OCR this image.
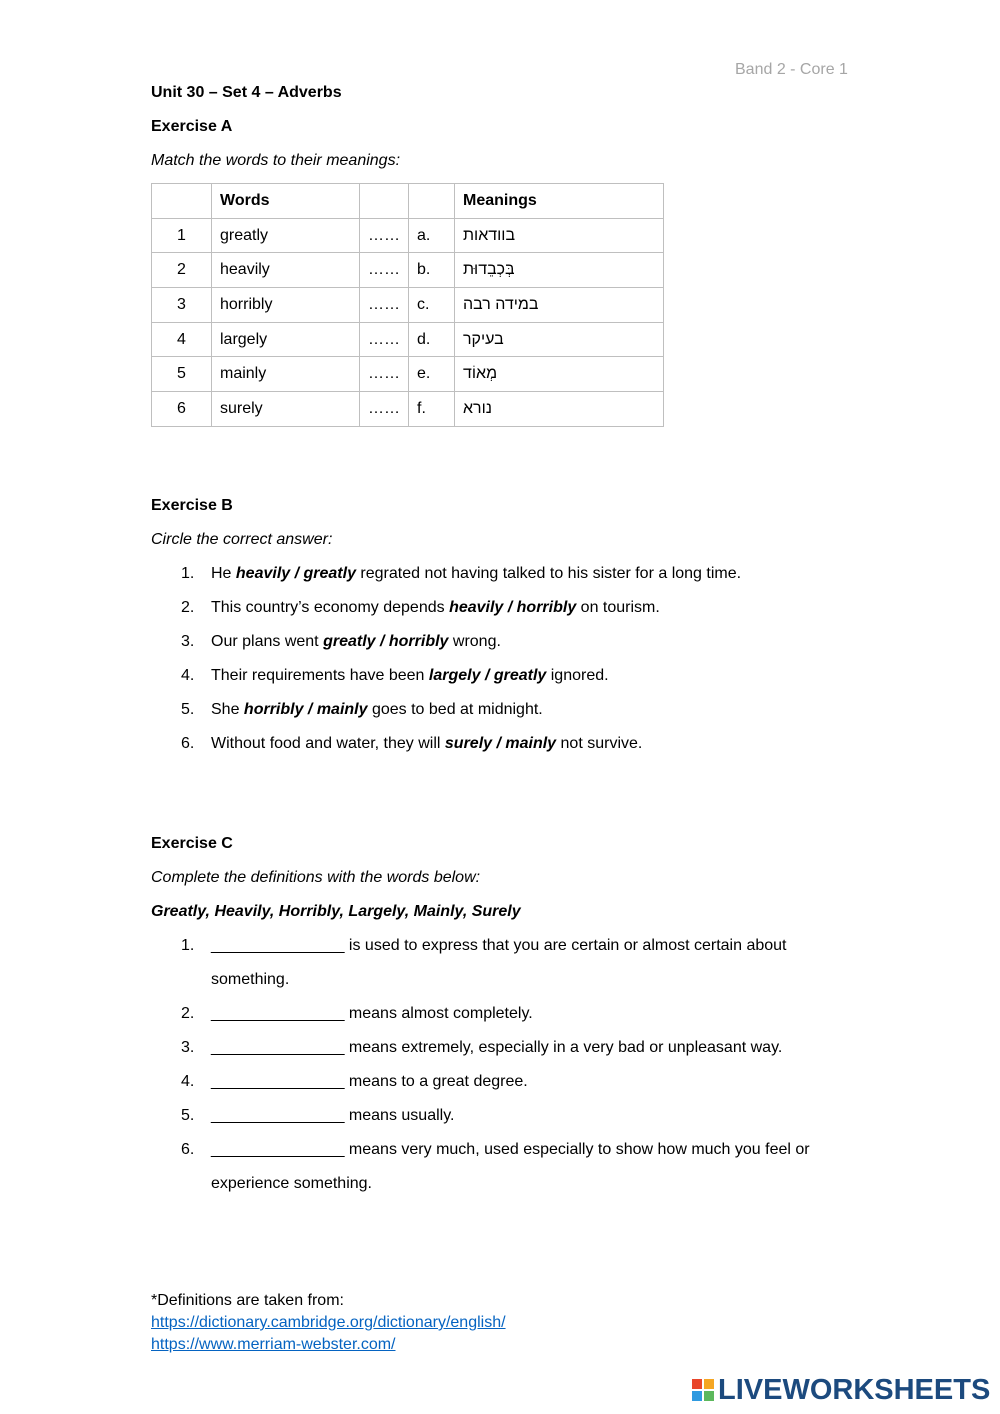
Band 2 - Core 1
Unit 30 – Set 4 – Adverbs
Exercise A
Match the words to their meanings:
	Words			Meanings
1	greatly	……	a.	בוודאות
2	heavily	……	b.	בְּכְבֵדוּת
3	horribly	……	c.	במידה רבה
4	largely	……	d.	בעיקר
5	mainly	……	e.	מְאוֹד
6	surely	……	f.	נורא
Exercise B
Circle the correct answer:
1. He heavily / greatly regrated not having talked to his sister for a long time.
2. This country’s economy depends heavily / horribly on tourism.
3. Our plans went greatly / horribly wrong.
4. Their requirements have been largely / greatly ignored.
5. She horribly / mainly goes to bed at midnight.
6. Without food and water, they will surely / mainly not survive.
Exercise C
Complete the definitions with the words below:
Greatly, Heavily, Horribly, Largely, Mainly, Surely
1. _______________ is used to express that you are certain or almost certain about something.
2. _______________ means almost completely.
3. _______________ means extremely, especially in a very bad or unpleasant way.
4. _______________ means to a great degree.
5. _______________ means usually.
6. _______________ means very much, used especially to show how much you feel or experience something.
*Definitions are taken from:
https://dictionary.cambridge.org/dictionary/english/
https://www.merriam-webster.com/
LIVEWORKSHEETS
